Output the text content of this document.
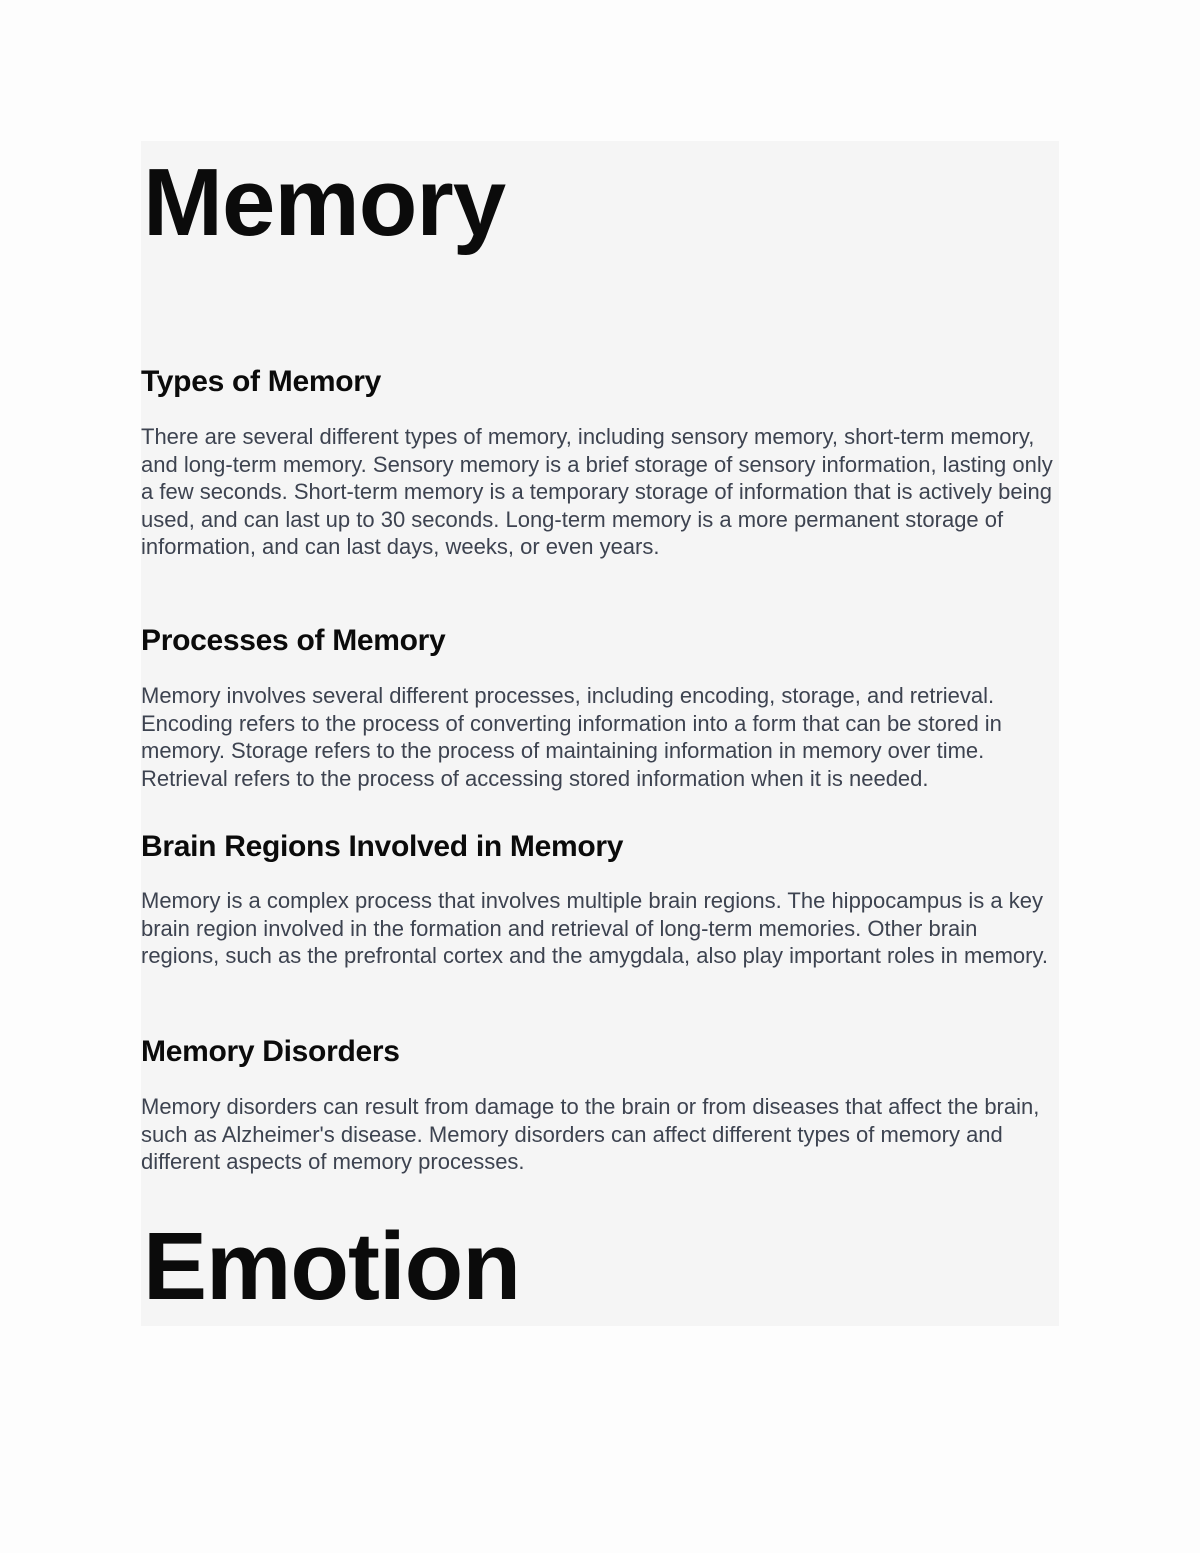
Memory
Types of Memory

There are several different types of memory, including sensory memory, short-term memory, and long-term memory. Sensory memory is a brief storage of sensory information, lasting only a few seconds. Short-term memory is a temporary storage of information that is actively being used, and can last up to 30 seconds. Long-term memory is a more permanent storage of information, and can last days, weeks, or even years.

Processes of Memory

Memory involves several different processes, including encoding, storage, and retrieval. Encoding refers to the process of converting information into a form that can be stored in memory. Storage refers to the process of maintaining information in memory over time. Retrieval refers to the process of accessing stored information when it is needed.

Brain Regions Involved in Memory

Memory is a complex process that involves multiple brain regions. The hippocampus is a key brain region involved in the formation and retrieval of long-term memories. Other brain regions, such as the prefrontal cortex and the amygdala, also play important roles in memory.

Memory Disorders

Memory disorders can result from damage to the brain or from diseases that affect the brain, such as Alzheimer's disease. Memory disorders can affect different types of memory and different aspects of memory processes.

Emotion
